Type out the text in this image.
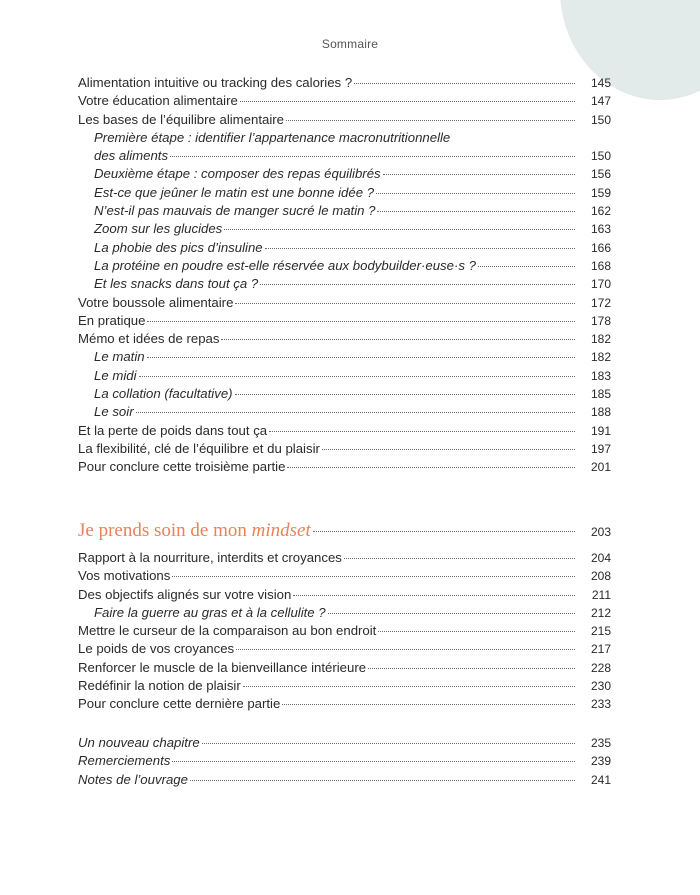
Sommaire
Alimentation intuitive ou tracking des calories ?	145
Votre éducation alimentaire	147
Les bases de l’équilibre alimentaire	150
Première étape : identifier l’appartenance macronutritionnelle
des aliments	150
Deuxième étape : composer des repas équilibrés	156
Est-ce que jeûner le matin est une bonne idée ?	159
N’est-il pas mauvais de manger sucré le matin ?	162
Zoom sur les glucides	163
La phobie des pics d’insuline	166
La protéine en poudre est-elle réservée aux bodybuilder·euse·s ?	168
Et les snacks dans tout ça ?	170
Votre boussole alimentaire	172
En pratique	178
Mémo et idées de repas	182
Le matin	182
Le midi	183
La collation (facultative)	185
Le soir	188
Et la perte de poids dans tout ça	191
La flexibilité, clé de l’équilibre et du plaisir	197
Pour conclure cette troisième partie	201
Je prends soin de mon mindset	203
Rapport à la nourriture, interdits et croyances	204
Vos motivations	208
Des objectifs alignés sur votre vision	211
Faire la guerre au gras et à la cellulite ?	212
Mettre le curseur de la comparaison au bon endroit	215
Le poids de vos croyances	217
Renforcer le muscle de la bienveillance intérieure	228
Redéfinir la notion de plaisir	230
Pour conclure cette dernière partie	233
Un nouveau chapitre	235
Remerciements	239
Notes de l’ouvrage	241
